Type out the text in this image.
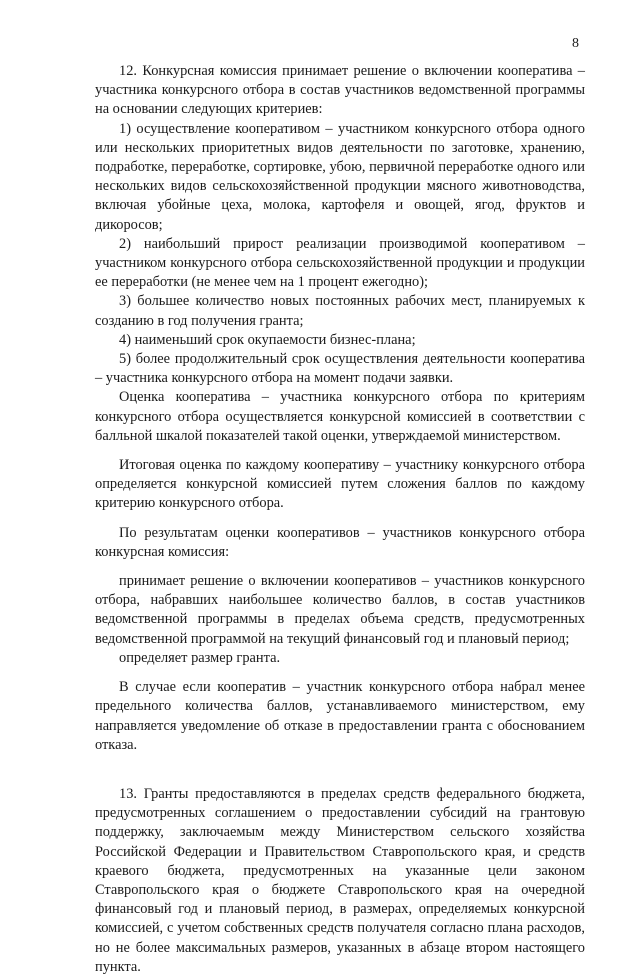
8

12. Конкурсная комиссия принимает решение о включении кооператива – участника конкурсного отбора в состав участников ведомственной программы на основании следующих критериев:

1) осуществление кооперативом – участником конкурсного отбора одного или нескольких приоритетных видов деятельности по заготовке, хранению, подработке, переработке, сортировке, убою, первичной переработке одного или нескольких видов сельскохозяйственной продукции мясного животноводства, включая убойные цеха, молока, картофеля и овощей, ягод, фруктов и дикоросов;

2) наибольший прирост реализации производимой кооперативом – участником конкурсного отбора сельскохозяйственной продукции и продукции ее переработки (не менее чем на 1 процент ежегодно);

3) большее количество новых постоянных рабочих мест, планируемых к созданию в год получения гранта;

4) наименьший срок окупаемости бизнес-плана;

5) более продолжительный срок осуществления деятельности кооператива – участника конкурсного отбора на момент подачи заявки.

Оценка кооператива – участника конкурсного отбора по критериям конкурсного отбора осуществляется конкурсной комиссией в соответствии с балльной шкалой показателей такой оценки, утверждаемой министерством.

Итоговая оценка по каждому кооперативу – участнику конкурсного отбора определяется конкурсной комиссией путем сложения баллов по каждому критерию конкурсного отбора.

По результатам оценки кооперативов – участников конкурсного отбора конкурсная комиссия:

принимает решение о включении кооперативов – участников конкурсного отбора, набравших наибольшее количество баллов, в состав участников ведомственной программы в пределах объема средств, предусмотренных ведомственной программой на текущий финансовый год и плановый период;

определяет размер гранта.

В случае если кооператив – участник конкурсного отбора набрал менее предельного количества баллов, устанавливаемого министерством, ему направляется уведомление об отказе в предоставлении гранта с обоснованием отказа.

13. Гранты предоставляются в пределах средств федерального бюджета, предусмотренных соглашением о предоставлении субсидий на грантовую поддержку, заключаемым между Министерством сельского хозяйства Российской Федерации и Правительством Ставропольского края, и средств краевого бюджета, предусмотренных на указанные цели законом Ставропольского края о бюджете Ставропольского края на очередной финансовый год и плановый период, в размерах, определяемых конкурсной комиссией, с учетом собственных средств получателя согласно плана расходов, но не более максимальных размеров, указанных в абзаце втором настоящего пункта.
